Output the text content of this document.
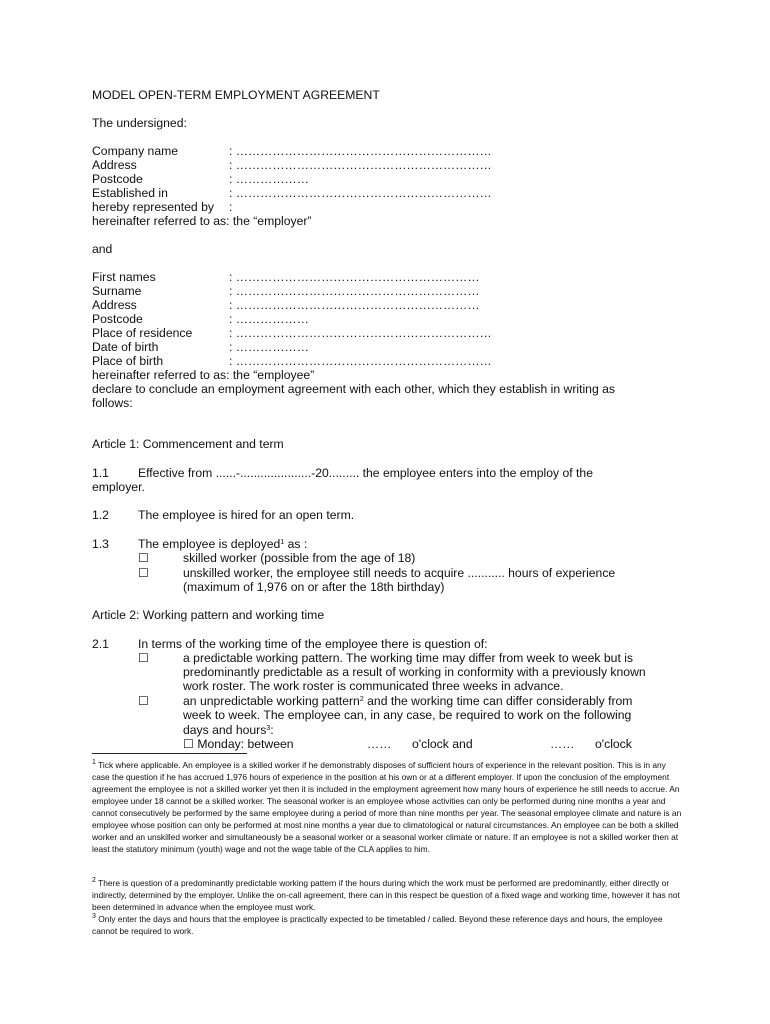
MODEL OPEN-TERM EMPLOYMENT AGREEMENT
The undersigned:
Company name	: ………………………………………………………
Address	: ………………………………………………………
Postcode	: ………………
Established in	: ………………………………………………………
hereby represented by :
hereinafter referred to as: the “employer”
and
First names	: ……………………………………………………
Surname	: ……………………………………………………
Address	: ……………………………………………………
Postcode	: ………………
Place of residence	: ………………………………………………………
Date of birth	: ………………
Place of birth	: ………………………………………………………
hereinafter referred to as: the “employee”
declare to conclude an employment agreement with each other, which they establish in writing as
follows:
Article 1: Commencement and term
1.1 Effective from ......-.....................-20......... the employee enters into the employ of the
employer.
1.2 The employee is hired for an open term.
1.3 The employee is deployed$^1$ as :
☐	skilled worker (possible from the age of 18)
☐	unskilled worker, the employee still needs to acquire ........... hours of experience
(maximum of 1,976 on or after the 18th birthday)
Article 2: Working pattern and working time
2.1 In terms of the working time of the employee there is question of:
☐	a predictable working pattern. The working time may differ from week to week but is
predominantly predictable as a result of working in conformity with a previously known
work roster. The work roster is communicated three weeks in advance.
☐	an unpredictable working pattern$^2$ and the working time can differ considerably from
week to week. The employee can, in any case, be required to work on the following
days and hours$^3$:
☐ Monday: between	…… o'clock and	…… o'clock
$^1$ Tick where applicable. An employee is a skilled worker if he demonstrably disposes of sufficient hours of experience in the relevant position. This is in any case the question if he has accrued 1,976 hours of experience in the position at his own or at a different employer. If upon the conclusion of the employment agreement the employee is not a skilled worker yet then it is included in the employment agreement how many hours of experience he still needs to accrue. An employee under 18 cannot be a skilled worker. The seasonal worker is an employee whose activities can only be performed during nine months a year and cannot consecutively be performed by the same employee during a period of more than nine months per year. The seasonal employee climate and nature is an employee whose position can only be performed at most nine months a year due to climatological or natural circumstances. An employee can be both a skilled worker and an unskilled worker and simultaneously be a seasonal worker or a seasonal worker climate or nature. If an employee is not a skilled worker then at least the statutory minimum (youth) wage and not the wage table of the CLA applies to him.
$^2$ There is question of a predominantly predictable working pattern if the hours during which the work must be performed are predominantly, either directly or indirectly, determined by the employer. Unlike the on-call agreement, there can in this respect be question of a fixed wage and working time, however it has not been determined in advance when the employee must work.
$^3$ Only enter the days and hours that the employee is practically expected to be timetabled / called. Beyond these reference days and hours, the employee cannot be required to work.
